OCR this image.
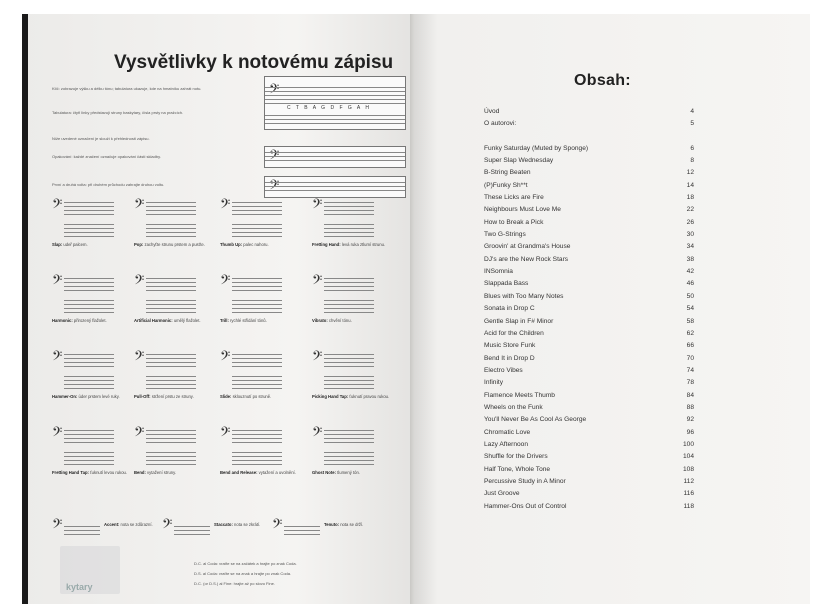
Vysvětlivky k notovému zápisu
C T B A G D F G A H
Klíč: zobrazuje výšku a délku tónu; tabulatura ukazuje, kde na hmatníku zahrát notu.
Tabulatura: čtyři linky představují struny baskytary, čísla prsty na pražcích.
Níže uvedené označení je slouží k přehlednosti zápisu.
Opakování: každé značení označuje opakování části skladby.
První a druhá volta: při druhém průchodu zahrajte druhou voltu.
𝄢
Slap: udeř palcem.
𝄢
Pop: zachyťte strunu prstem a pusťte.
𝄢
Thumb Up: palec nahoru.
𝄢
Fretting Hand: levá ruka ztlumí strunu.
𝄢
Harmonic: přirozený flažolet.
𝄢
Artificial Harmonic: umělý flažolet.
𝄢
Trill: rychlé střídání tónů.
𝄢
Vibrato: chvění tónu.
𝄢
Hammer-On: úder prstem levé ruky.
𝄢
Pull-Off: stržení prstu ze struny.
𝄢
Slide: sklouznutí po struně.
𝄢
Picking Hand Tap: ťuknutí pravou rukou.
𝄢
Fretting Hand Tap: ťuknutí levou rukou.
𝄢
Bend: vytažení struny.
𝄢
Bend and Release: vytažení a uvolnění.
𝄢
Ghost Note: tlumený tón.
𝄢	Accent: nota se zdůrazní. 𝄢	Staccato: nota se zkrátí. 𝄢	Tenuto: nota se drží.
D.C. al Coda: vraťte se na začátek a hrajte po znak Coda.
D.S. al Coda: vraťte se na znak a hrajte po znak Coda.
D.C. (or D.S.) al Fine: hrajte až po slovo Fine.
kytary
Obsah:
Úvod	4
O autorovi:	5
Funky Saturday (Muted by Sponge)	6
Super Slap Wednesday	8
B-String Beaten	12
(P)Funky Sh**t	14
These Licks are Fire	18
Neighbours Must Love Me	22
How to Break a Pick	26
Two G-Strings	30
Groovin' at Grandma's House	34
DJ's are the New Rock Stars	38
INSomnia	42
Slappada Bass	46
Blues with Too Many Notes	50
Sonata in Drop C	54
Gentle Slap in F# Minor	58
Acid for the Children	62
Music Store Funk	66
Bend It in Drop D	70
Electro Vibes	74
Infinity	78
Flamence Meets Thumb	84
Wheels on the Funk	88
You'll Never Be As Cool As George	92
Chromatic Love	96
Lazy Afternoon	100
Shuffle for the Drivers	104
Half Tone, Whole Tone	108
Percussive Study in A Minor	112
Just Groove	116
Hammer-Ons Out of Control	118
